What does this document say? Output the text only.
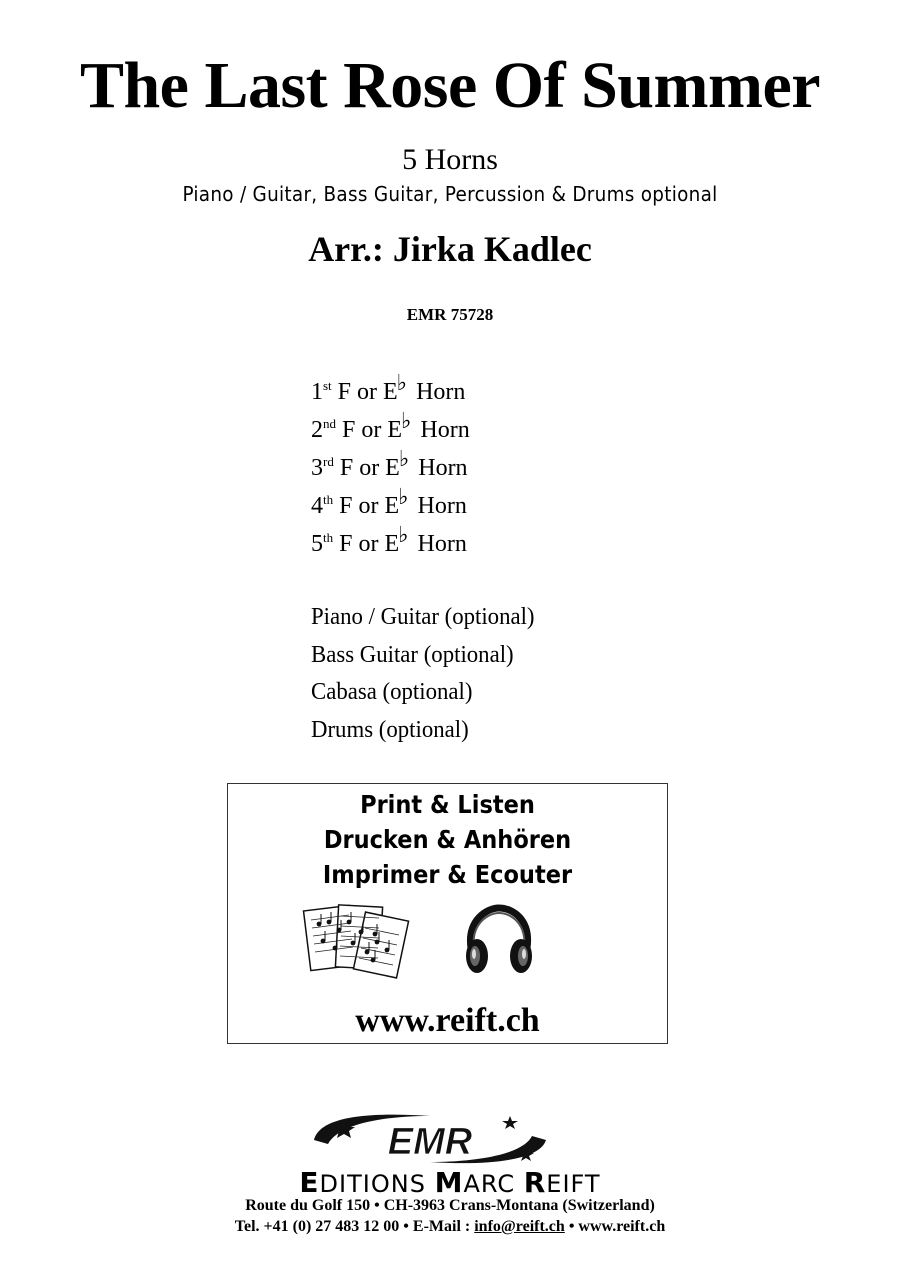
The Last Rose Of Summer
5 Horns
Piano / Guitar, Bass Guitar, Percussion & Drums optional
Arr.: Jirka Kadlec
EMR 75728
1st F or E♭ Horn
2nd F or E♭ Horn
3rd F or E♭ Horn
4th F or E♭ Horn
5th F or E♭ Horn
Piano / Guitar (optional)
Bass Guitar (optional)
Cabasa (optional)
Drums (optional)
Print & Listen
Drucken & Anhören
Imprimer & Ecouter
www.reift.ch
EMR
EDITIONS MARC REIFT
Route du Golf 150 • CH-3963 Crans-Montana (Switzerland)
Tel. +41 (0) 27 483 12 00 • E-Mail : info@reift.ch • www.reift.ch
